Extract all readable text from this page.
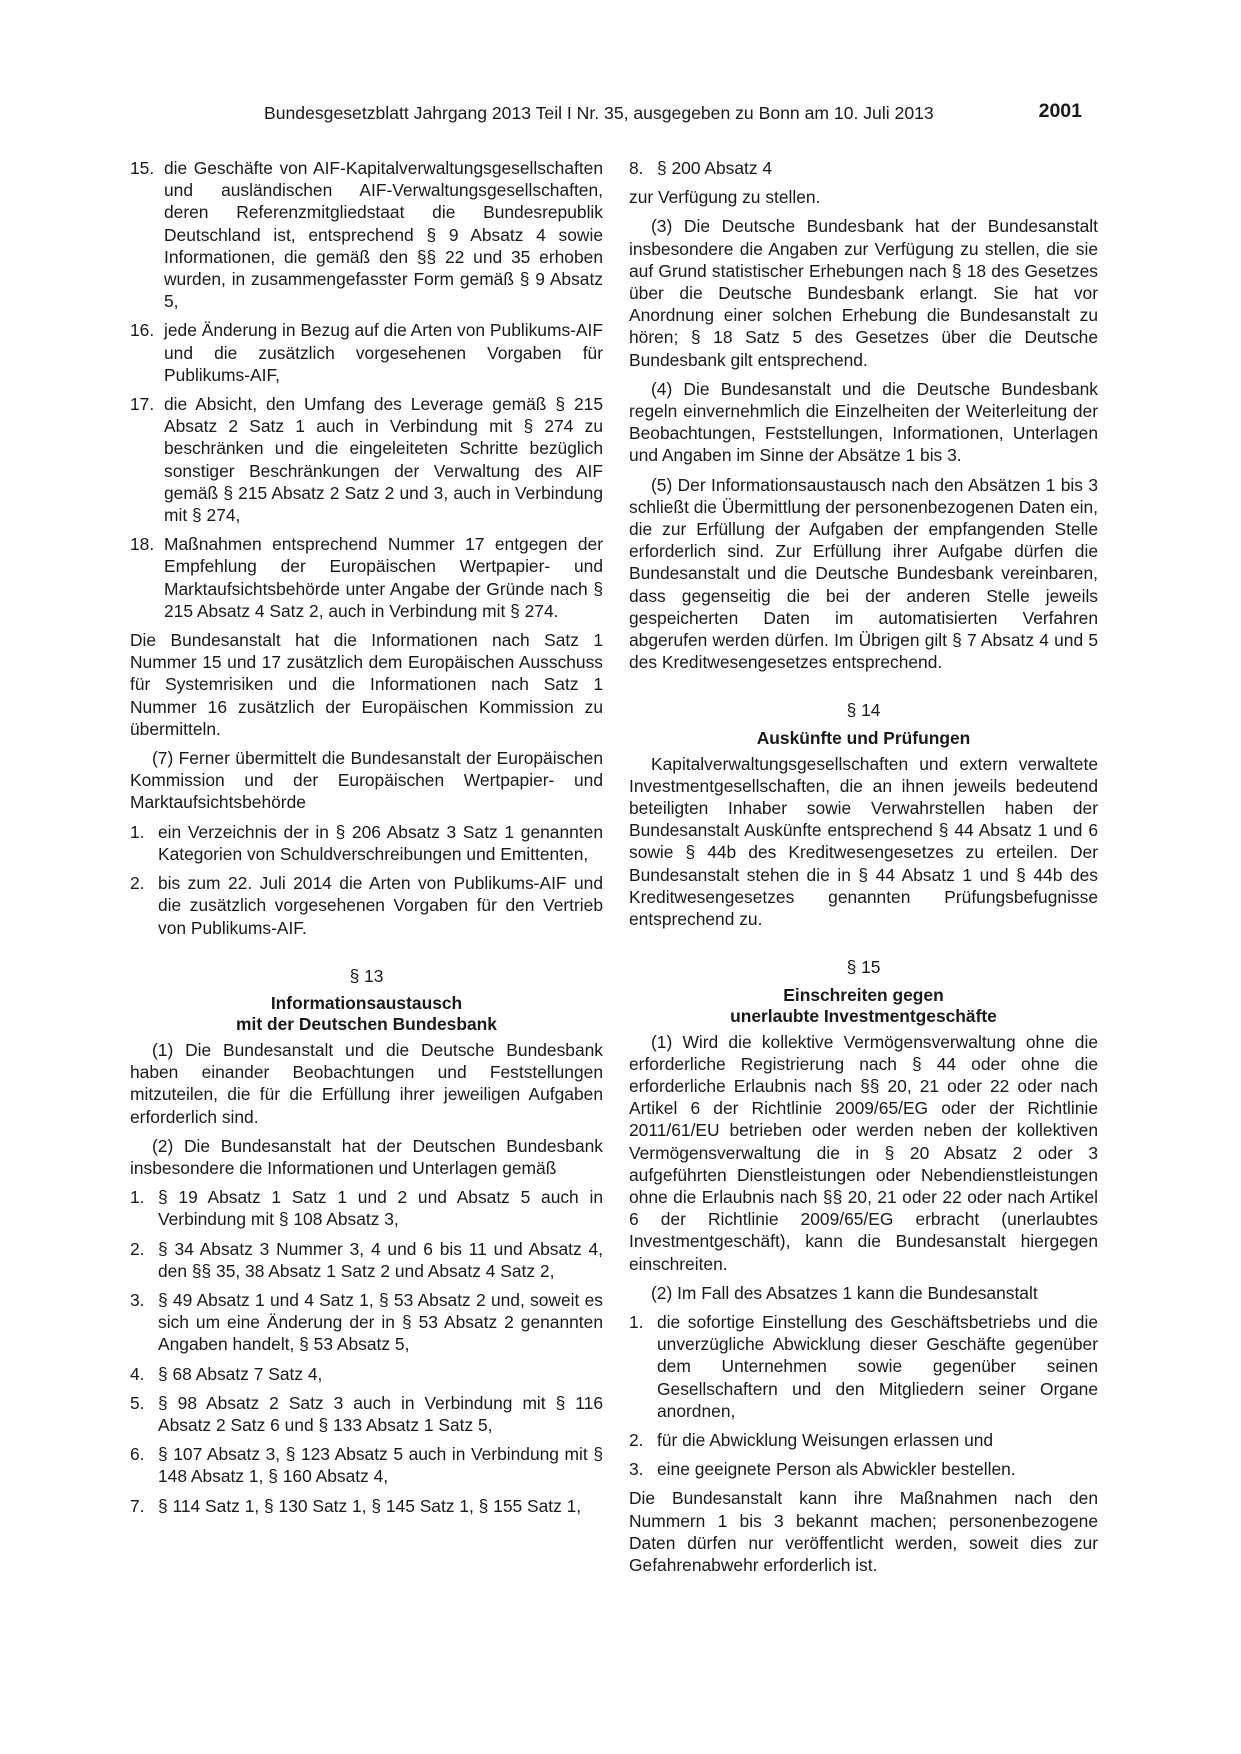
Bundesgesetzblatt Jahrgang 2013 Teil I Nr. 35, ausgegeben zu Bonn am 10. Juli 2013	2001
15. die Geschäfte von AIF-Kapitalverwaltungsgesellschaften und ausländischen AIF-Verwaltungsgesellschaften, deren Referenzmitgliedstaat die Bundesrepublik Deutschland ist, entsprechend § 9 Absatz 4 sowie Informationen, die gemäß den §§ 22 und 35 erhoben wurden, in zusammengefasster Form gemäß § 9 Absatz 5,
16. jede Änderung in Bezug auf die Arten von Publikums-AIF und die zusätzlich vorgesehenen Vorgaben für Publikums-AIF,
17. die Absicht, den Umfang des Leverage gemäß § 215 Absatz 2 Satz 1 auch in Verbindung mit § 274 zu beschränken und die eingeleiteten Schritte bezüglich sonstiger Beschränkungen der Verwaltung des AIF gemäß § 215 Absatz 2 Satz 2 und 3, auch in Verbindung mit § 274,
18. Maßnahmen entsprechend Nummer 17 entgegen der Empfehlung der Europäischen Wertpapier- und Marktaufsichtsbehörde unter Angabe der Gründe nach § 215 Absatz 4 Satz 2, auch in Verbindung mit § 274.

Die Bundesanstalt hat die Informationen nach Satz 1 Nummer 15 und 17 zusätzlich dem Europäischen Ausschuss für Systemrisiken und die Informationen nach Satz 1 Nummer 16 zusätzlich der Europäischen Kommission zu übermitteln.

(7) Ferner übermittelt die Bundesanstalt der Europäischen Kommission und der Europäischen Wertpapier- und Marktaufsichtsbehörde

1. ein Verzeichnis der in § 206 Absatz 3 Satz 1 genannten Kategorien von Schuldverschreibungen und Emittenten,
2. bis zum 22. Juli 2014 die Arten von Publikums-AIF und die zusätzlich vorgesehenen Vorgaben für den Vertrieb von Publikums-AIF.
§ 13
Informationsaustausch
mit der Deutschen Bundesbank

(1) Die Bundesanstalt und die Deutsche Bundesbank haben einander Beobachtungen und Feststellungen mitzuteilen, die für die Erfüllung ihrer jeweiligen Aufgaben erforderlich sind.

(2) Die Bundesanstalt hat der Deutschen Bundesbank insbesondere die Informationen und Unterlagen gemäß

1. § 19 Absatz 1 Satz 1 und 2 und Absatz 5 auch in Verbindung mit § 108 Absatz 3,
2. § 34 Absatz 3 Nummer 3, 4 und 6 bis 11 und Absatz 4, den §§ 35, 38 Absatz 1 Satz 2 und Absatz 4 Satz 2,
3. § 49 Absatz 1 und 4 Satz 1, § 53 Absatz 2 und, soweit es sich um eine Änderung der in § 53 Absatz 2 genannten Angaben handelt, § 53 Absatz 5,
4. § 68 Absatz 7 Satz 4,
5. § 98 Absatz 2 Satz 3 auch in Verbindung mit § 116 Absatz 2 Satz 6 und § 133 Absatz 1 Satz 5,
6. § 107 Absatz 3, § 123 Absatz 5 auch in Verbindung mit § 148 Absatz 1, § 160 Absatz 4,
7. § 114 Satz 1, § 130 Satz 1, § 145 Satz 1, § 155 Satz 1,
8. § 200 Absatz 4

zur Verfügung zu stellen.

(3) Die Deutsche Bundesbank hat der Bundesanstalt insbesondere die Angaben zur Verfügung zu stellen, die sie auf Grund statistischer Erhebungen nach § 18 des Gesetzes über die Deutsche Bundesbank erlangt. Sie hat vor Anordnung einer solchen Erhebung die Bundesanstalt zu hören; § 18 Satz 5 des Gesetzes über die Deutsche Bundesbank gilt entsprechend.

(4) Die Bundesanstalt und die Deutsche Bundesbank regeln einvernehmlich die Einzelheiten der Weiterleitung der Beobachtungen, Feststellungen, Informationen, Unterlagen und Angaben im Sinne der Absätze 1 bis 3.

(5) Der Informationsaustausch nach den Absätzen 1 bis 3 schließt die Übermittlung der personenbezogenen Daten ein, die zur Erfüllung der Aufgaben der empfangenden Stelle erforderlich sind. Zur Erfüllung ihrer Aufgabe dürfen die Bundesanstalt und die Deutsche Bundesbank vereinbaren, dass gegenseitig die bei der anderen Stelle jeweils gespeicherten Daten im automatisierten Verfahren abgerufen werden dürfen. Im Übrigen gilt § 7 Absatz 4 und 5 des Kreditwesengesetzes entsprechend.

§ 14
Auskünfte und Prüfungen

Kapitalverwaltungsgesellschaften und extern verwaltete Investmentgesellschaften, die an ihnen jeweils bedeutend beteiligten Inhaber sowie Verwahrstellen haben der Bundesanstalt Auskünfte entsprechend § 44 Absatz 1 und 6 sowie § 44b des Kreditwesengesetzes zu erteilen. Der Bundesanstalt stehen die in § 44 Absatz 1 und § 44b des Kreditwesengesetzes genannten Prüfungsbefugnisse entsprechend zu.

§ 15
Einschreiten gegen
unerlaubte Investmentgeschäfte

(1) Wird die kollektive Vermögensverwaltung ohne die erforderliche Registrierung nach § 44 oder ohne die erforderliche Erlaubnis nach §§ 20, 21 oder 22 oder nach Artikel 6 der Richtlinie 2009/65/EG oder der Richtlinie 2011/61/EU betrieben oder werden neben der kollektiven Vermögensverwaltung die in § 20 Absatz 2 oder 3 aufgeführten Dienstleistungen oder Nebendienstleistungen ohne die Erlaubnis nach §§ 20, 21 oder 22 oder nach Artikel 6 der Richtlinie 2009/65/EG erbracht (unerlaubtes Investmentgeschäft), kann die Bundesanstalt hiergegen einschreiten.

(2) Im Fall des Absatzes 1 kann die Bundesanstalt

1. die sofortige Einstellung des Geschäftsbetriebs und die unverzügliche Abwicklung dieser Geschäfte gegenüber dem Unternehmen sowie gegenüber seinen Gesellschaftern und den Mitgliedern seiner Organe anordnen,
2. für die Abwicklung Weisungen erlassen und
3. eine geeignete Person als Abwickler bestellen.

Die Bundesanstalt kann ihre Maßnahmen nach den Nummern 1 bis 3 bekannt machen; personenbezogene Daten dürfen nur veröffentlicht werden, soweit dies zur Gefahrenabwehr erforderlich ist.
